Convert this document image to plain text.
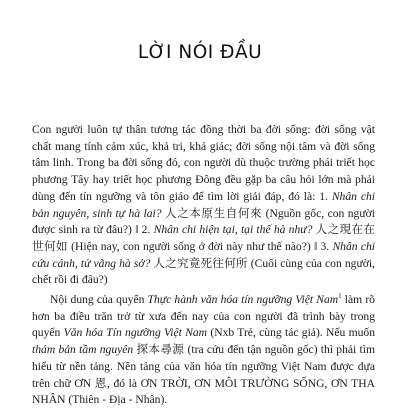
LỜI NÓI ĐẦU

Con người luôn tự thân tương tác đồng thời ba đời sống: đời sống vật chất mang tính cảm xúc, khả tri, khả giác; đời sống nội tâm và đời sống tâm linh. Trong ba đời sống đó, con người dù thuộc trường phái triết học phương Tây hay triết học phương Đông đều gặp ba câu hỏi lớn mà phải dùng đến tín ngưỡng và tôn giáo để tìm lời giải đáp, đó là: 1. Nhân chi bản nguyên, sinh tự hà lai? 人之本原生自何來 (Nguồn gốc, con người được sinh ra từ đâu?) ‖ 2. Nhân chi hiện tại, tại thế hà như? 人之現在在世何如 (Hiện nay, con người sống ở đời này như thế nào?) ‖ 3. Nhân chi cứu cánh, tử vãng hà sở? 人之究竟死往何所 (Cuối cùng của con người, chết rồi đi đâu?)

Nội dung của quyển Thực hành văn hóa tín ngưỡng Việt Nam$^1$ làm rõ hơn ba điều trăn trở từ xưa đến nay của con người đã trình bày trong quyển Văn hóa Tín ngưỡng Việt Nam (Nxb Trẻ, cùng tác giả). Nếu muốn thám bản tầm nguyên 探本尋源 (tra cứu đến tận nguồn gốc) thì phải tìm hiểu từ nền tảng. Nền tảng của văn hóa tín ngưỡng Việt Nam được dựa trên chữ ƠN 恩, đó là ƠN TRỜI, ƠN MÔI TRƯỜNG SỐNG, ƠN THA NHÂN (Thiên - Địa - Nhân).
